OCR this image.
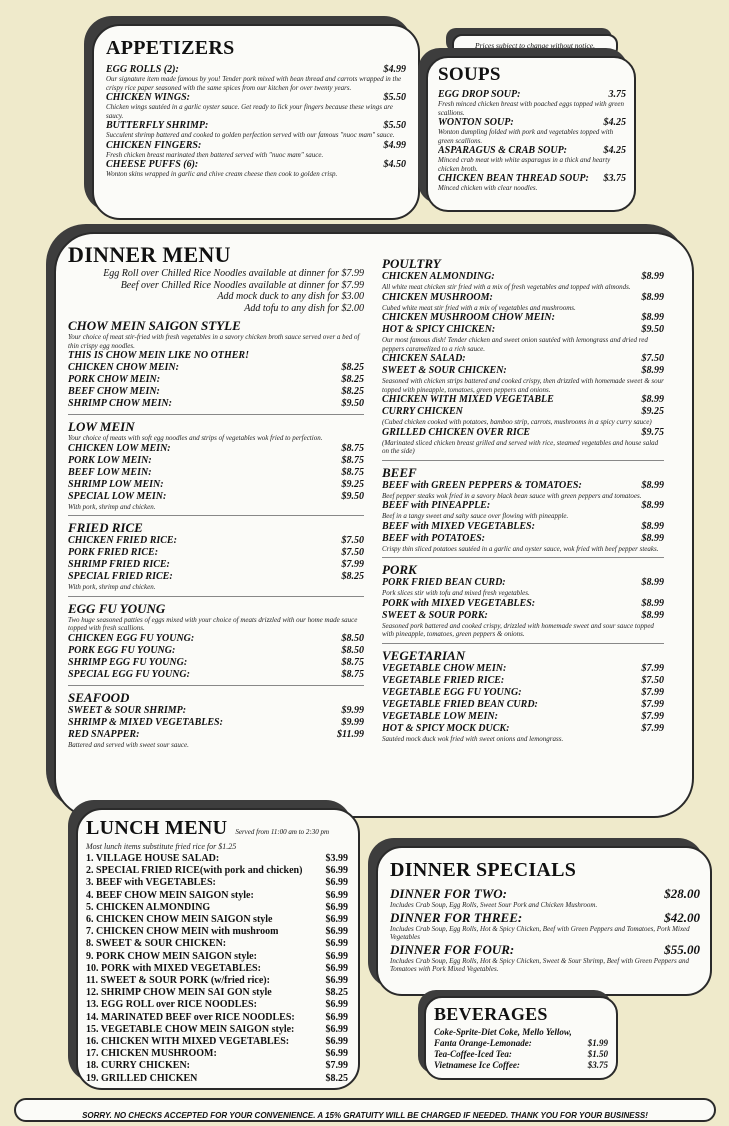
APPETIZERS
EGG ROLLS (2):	$4.99
Our signature item made famous by you! Tender pork mixed with bean thread and carrots wrapped in the crispy rice paper seasoned with the same spices from our kitchen for over twenty years.
CHICKEN WINGS:	$5.50
Chicken wings sautéed in a garlic oyster sauce. Get ready to lick your fingers because these wings are saucy.
BUTTERFLY SHRIMP:	$5.50
Succulent shrimp battered and cooked to golden perfection served with our famous "nuoc mam" sauce.
CHICKEN FINGERS:	$4.99
Fresh chicken breast marinated then battered served with "nuoc mam" sauce.
CHEESE PUFFS (6):	$4.50
Wonton skins wrapped in garlic and chive cream cheese then cook to golden crisp.
Prices subject to change without notice.
SOUPS
EGG DROP SOUP:	3.75
Fresh minced chicken breast with poached eggs topped with green scallions.
WONTON SOUP:	$4.25
Wonton dumpling folded with pork and vegetables topped with green scallions.
ASPARAGUS & CRAB SOUP:	$4.25
Minced crab meat with white asparagus in a thick and hearty chicken broth.
CHICKEN BEAN THREAD SOUP:	$3.75
Minced chicken with clear noodles.
DINNER MENU
Egg Roll over Chilled Rice Noodles available at dinner for $7.99
Beef over Chilled Rice Noodles available at dinner for $7.99
Add mock duck to any dish for $3.00
Add tofu to any dish for $2.00
CHOW MEIN SAIGON STYLE
Your choice of meat stir-fried with fresh vegetables in a savory chicken broth sauce served over a bed of thin crispy egg noodles.
THIS IS CHOW MEIN LIKE NO OTHER!
CHICKEN CHOW MEIN:	$8.25
PORK CHOW MEIN:	$8.25
BEEF CHOW MEIN:	$8.25
SHRIMP CHOW MEIN:	$9.50
LOW MEIN
Your choice of meats with soft egg noodles and strips of vegetables wok fried to perfection.
CHICKEN LOW MEIN:	$8.75
PORK LOW MEIN:	$8.75
BEEF LOW MEIN:	$8.75
SHRIMP LOW MEIN:	$9.25
SPECIAL LOW MEIN:	$9.50
With pork, shrimp and chicken.
FRIED RICE
CHICKEN FRIED RICE:	$7.50
PORK FRIED RICE:	$7.50
SHRIMP FRIED RICE:	$7.99
SPECIAL FRIED RICE:	$8.25
With pork, shrimp and chicken.
EGG FU YOUNG
Two huge seasoned patties of eggs mixed with your choice of meats drizzled with our home made sauce topped with fresh scallions.
CHICKEN EGG FU YOUNG:	$8.50
PORK EGG FU YOUNG:	$8.50
SHRIMP EGG FU YOUNG:	$8.75
SPECIAL EGG FU YOUNG:	$8.75
SEAFOOD
SWEET & SOUR SHRIMP:	$9.99
SHRIMP & MIXED VEGETABLES:	$9.99
RED SNAPPER:	$11.99
Battered and served with sweet sour sauce.
POULTRY
CHICKEN ALMONDING:	$8.99
All white meat chicken stir fried with a mix of fresh vegetables and topped with almonds.
CHICKEN MUSHROOM:	$8.99
Cubed white meat stir fried with a mix of vegetables and mushrooms.
CHICKEN MUSHROOM CHOW MEIN:	$8.99
HOT & SPICY CHICKEN:	$9.50
Our most famous dish! Tender chicken and sweet onion sautéed with lemongrass and dried red peppers caramelized to a rich sauce.
CHICKEN SALAD:	$7.50
SWEET & SOUR CHICKEN:	$8.99
Seasoned with chicken strips battered and cooked crispy, then drizzled with homemade sweet & sour topped with pineapple, tomatoes, green peppers and onions.
CHICKEN WITH MIXED VEGETABLE	$8.99
CURRY CHICKEN	$9.25
(Cubed chicken cooked with potatoes, bamboo strip, carrots, mushrooms in a spicy curry sauce)
GRILLED CHICKEN OVER RICE	$9.75
(Marinated sliced chicken breast grilled and served with rice, steamed vegetables and house salad on the side)
BEEF
BEEF with GREEN PEPPERS & TOMATOES:	$8.99
Beef pepper steaks wok fried in a savory black bean sauce with green peppers and tomatoes.
BEEF with PINEAPPLE:	$8.99
Beef in a tangy sweet and salty sauce over flowing with pineapple.
BEEF with MIXED VEGETABLES:	$8.99
BEEF with POTATOES:	$8.99
Crispy thin sliced potatoes sautéed in a garlic and oyster sauce, wok fried with beef pepper steaks.
PORK
PORK FRIED BEAN CURD:	$8.99
Pork slices stir with tofu and mixed fresh vegetables.
PORK with MIXED VEGETABLES:	$8.99
SWEET & SOUR PORK:	$8.99
Seasoned pork battered and cooked crispy, drizzled with homemade sweet and sour sauce topped with pineapple, tomatoes, green peppers & onions.
VEGETARIAN
VEGETABLE CHOW MEIN:	$7.99
VEGETABLE FRIED RICE:	$7.50
VEGETABLE EGG FU YOUNG:	$7.99
VEGETABLE FRIED BEAN CURD:	$7.99
VEGETABLE LOW MEIN:	$7.99
HOT & SPICY MOCK DUCK:	$7.99
Sautéed mock duck wok fried with sweet onions and lemongrass.
LUNCH MENU Served from 11:00 am to 2:30 pm
Most lunch items substitute fried rice for $1.25
1. VILLAGE HOUSE SALAD:	$3.99
2. SPECIAL FRIED RICE(with pork and chicken)	$6.99
3. BEEF with VEGETABLES:	$6.99
4. BEEF CHOW MEIN SAIGON style:	$6.99
5. CHICKEN ALMONDING	$6.99
6. CHICKEN CHOW MEIN SAIGON style	$6.99
7. CHICKEN CHOW MEIN with mushroom	$6.99
8. SWEET & SOUR CHICKEN:	$6.99
9. PORK CHOW MEIN SAIGON style:	$6.99
10. PORK with MIXED VEGETABLES:	$6.99
11. SWEET & SOUR PORK (w/fried rice):	$6.99
12. SHRIMP CHOW MEIN SAI GON style	$8.25
13. EGG ROLL over RICE NOODLES:	$6.99
14. MARINATED BEEF over RICE NOODLES:	$6.99
15. VEGETABLE CHOW MEIN SAIGON style:	$6.99
16. CHICKEN WITH MIXED VEGETABLES:	$6.99
17. CHICKEN MUSHROOM:	$6.99
18. CURRY CHICKEN:	$7.99
19. GRILLED CHICKEN	$8.25
DINNER SPECIALS
DINNER FOR TWO:	$28.00
Includes Crab Soup, Egg Rolls, Sweet Sour Pork and Chicken Mushroom.
DINNER FOR THREE:	$42.00
Includes Crab Soup, Egg Rolls, Hot & Spicy Chicken, Beef with Green Peppers and Tomatoes, Pork Mixed Vegetables
DINNER FOR FOUR:	$55.00
Includes Crab Soup, Egg Rolls, Hot & Spicy Chicken, Sweet & Sour Shrimp, Beef with Green Peppers and Tomatoes with Pork Mixed Vegetables.
BEVERAGES
Coke-Sprite-Diet Coke, Mello Yellow,
Fanta Orange-Lemonade:	$1.99
Tea-Coffee-Iced Tea:	$1.50
Vietnamese Ice Coffee:	$3.75
SORRY. NO CHECKS ACCEPTED FOR YOUR CONVENIENCE. A 15% GRATUITY WILL BE CHARGED IF NEEDED. THANK YOU FOR YOUR BUSINESS!
